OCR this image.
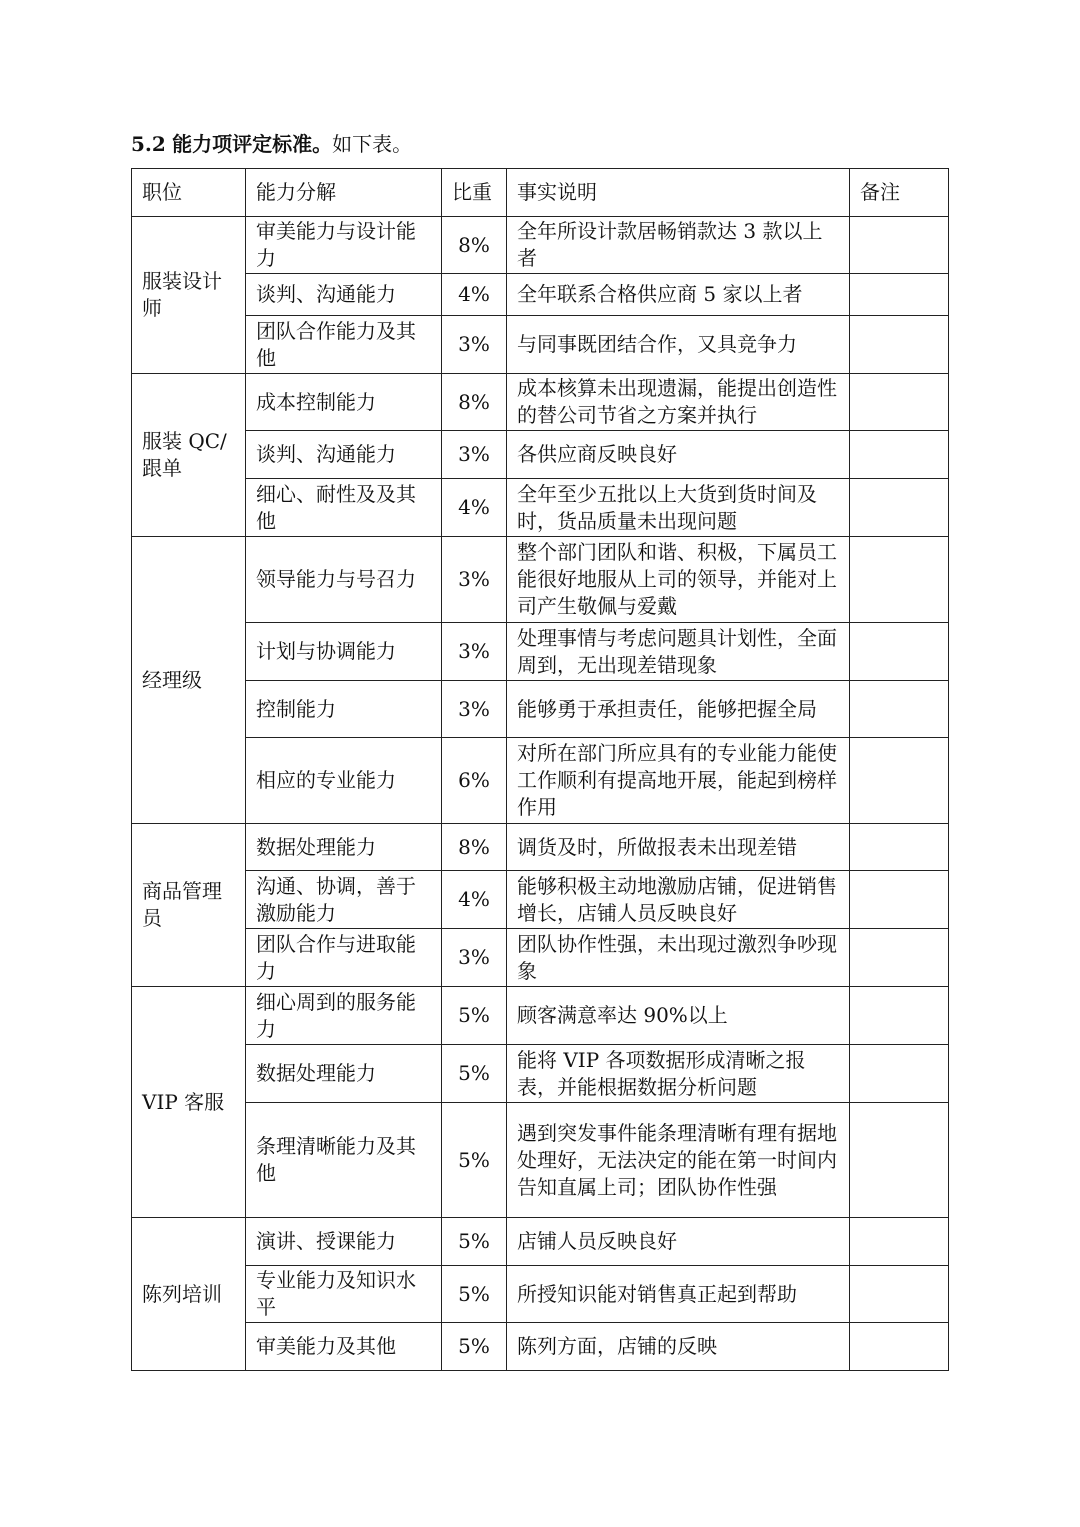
5.2 能力项评定标准。如下表。
职位	能力分解	比重	事实说明	备注
服装设计师	审美能力与设计能力	8%	全年所设计款居畅销款达 3 款以上者	
	谈判、沟通能力	4%	全年联系合格供应商 5 家以上者	
	团队合作能力及其他	3%	与同事既团结合作，又具竞争力	
服装 QC/跟单	成本控制能力	8%	成本核算未出现遗漏，能提出创造性的替公司节省之方案并执行	
	谈判、沟通能力	3%	各供应商反映良好	
	细心、耐性及及其他	4%	全年至少五批以上大货到货时间及时，货品质量未出现问题	
经理级	领导能力与号召力	3%	整个部门团队和谐、积极，下属员工能很好地服从上司的领导，并能对上司产生敬佩与爱戴	
	计划与协调能力	3%	处理事情与考虑问题具计划性，全面周到，无出现差错现象	
	控制能力	3%	能够勇于承担责任，能够把握全局	
	相应的专业能力	6%	对所在部门所应具有的专业能力能使工作顺利有提高地开展，能起到榜样作用	
商品管理员	数据处理能力	8%	调货及时，所做报表未出现差错	
	沟通、协调，善于激励能力	4%	能够积极主动地激励店铺，促进销售增长，店铺人员反映良好	
	团队合作与进取能力	3%	团队协作性强，未出现过激烈争吵现象	
VIP 客服	细心周到的服务能力	5%	顾客满意率达 90%以上	
	数据处理能力	5%	能将 VIP 各项数据形成清晰之报表，并能根据数据分析问题	
	条理清晰能力及其他	5%	遇到突发事件能条理清晰有理有据地处理好，无法决定的能在第一时间内告知直属上司；团队协作性强	
陈列培训	演讲、授课能力	5%	店铺人员反映良好	
	专业能力及知识水平	5%	所授知识能对销售真正起到帮助	
	审美能力及其他	5%	陈列方面，店铺的反映	
